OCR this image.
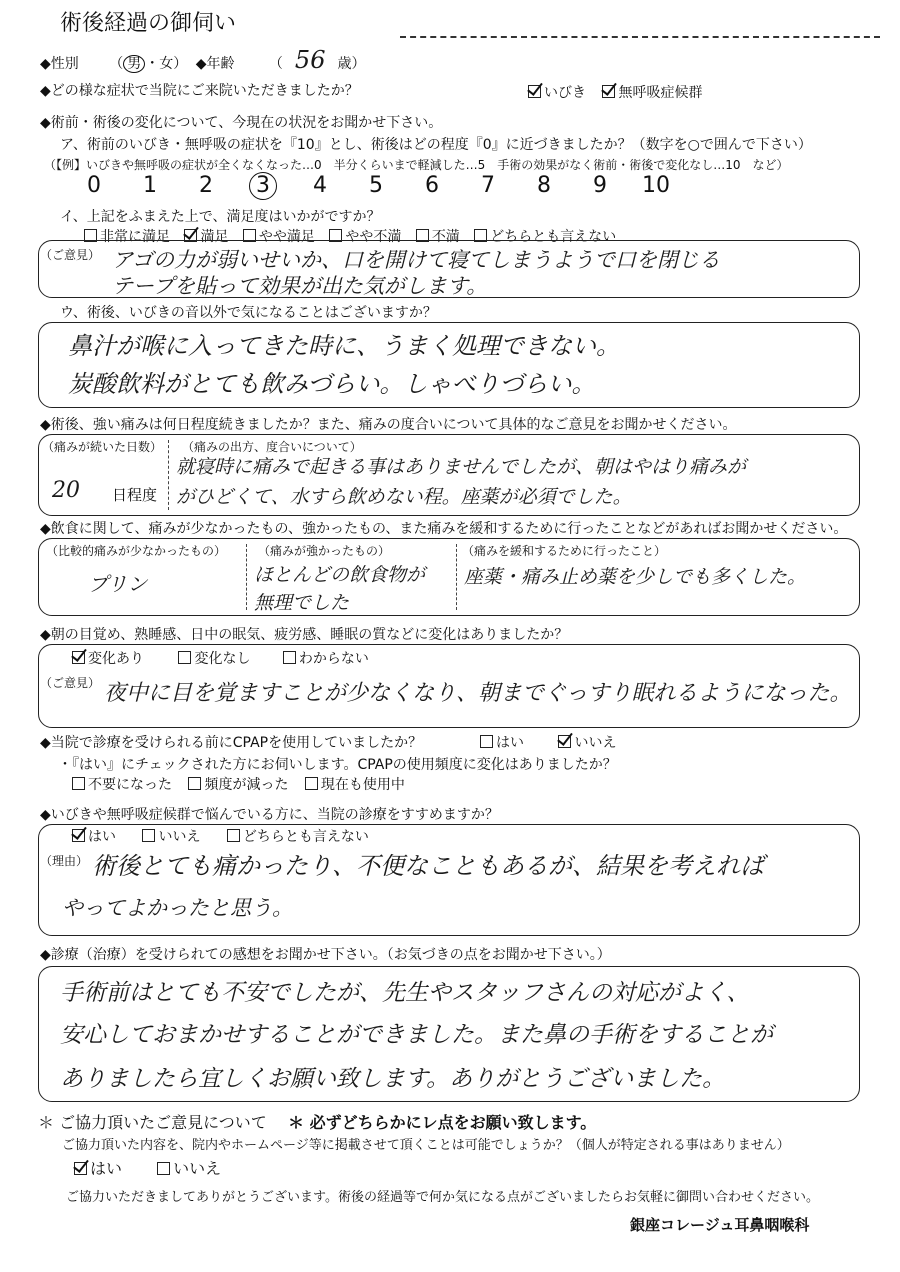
術後経過の御伺い
◆性別 （ 男 ・女） ◆年齢 （ 56 歳）
◆どの様な症状で当院にご来院いただきましたか？	いびき 無呼吸症候群
◆術前・術後の変化について、今現在の状況をお聞かせ下さい。
ア、術前のいびき・無呼吸の症状を『10』とし、術後はどの程度『0』に近づきましたか？（数字を○で囲んで下さい）
（【例】いびきや無呼吸の症状が全くなくなった…0　半分くらいまで軽減した…5　手術の効果がなく術前・術後で変化なし…10　など）
0 1 2 3 4 5 6 7 8 9 10
イ、上記をふまえた上で、満足度はいかがですか？
非常に満足 満足 やや満足 やや不満 不満 どちらとも言えない
（ご意見） アゴの力が弱いせいか、口を開けて寝てしまうようで口を閉じる
テープを貼って効果が出た気がします。
ウ、術後、いびきの音以外で気になることはございますか？
鼻汁が喉に入ってきた時に、うまく処理できない。
炭酸飲料がとても飲みづらい。しゃべりづらい。
◆術後、強い痛みは何日程度続きましたか？また、痛みの度合いについて具体的なご意見をお聞かせください。
（痛みが続いた日数）
20 日程度
（痛みの出方、度合いについて）
就寝時に痛みで起きる事はありませんでしたが、朝はやはり痛みが
がひどくて、水すら飲めない程。座薬が必須でした。
◆飲食に関して、痛みが少なかったもの、強かったもの、また痛みを緩和するために行ったことなどがあればお聞かせください。
（比較的痛みが少なかったもの）
プリン
（痛みが強かったもの）
ほとんどの飲食物が
無理でした
（痛みを緩和するために行ったこと）
座薬・痛み止め薬を少しでも多くした。
◆朝の目覚め、熟睡感、日中の眠気、疲労感、睡眠の質などに変化はありましたか？
変化あり	変化なし	わからない
（ご意見） 夜中に目を覚ますことが少なくなり、朝までぐっすり眠れるようになった。
◆当院で診療を受けられる前にCPAPを使用していましたか？	はい	いいえ
・『はい』にチェックされた方にお伺いします。CPAPの使用頻度に変化はありましたか？
不要になった 頻度が減った 現在も使用中
◆いびきや無呼吸症候群で悩んでいる方に、当院の診療をすすめますか？
はい	いいえ	どちらとも言えない
（理由） 術後とても痛かったり、不便なこともあるが、結果を考えれば
やってよかったと思う。
◆診療（治療）を受けられての感想をお聞かせ下さい。（お気づきの点をお聞かせ下さい。）
手術前はとても不安でしたが、先生やスタッフさんの対応がよく、
安心しておまかせすることができました。また鼻の手術をすることが
ありましたら宜しくお願い致します。ありがとうございました。
＊ ご協力頂いたご意見について ＊ 必ずどちらかにレ点をお願い致します。
ご協力頂いた内容を、院内やホームページ等に掲載させて頂くことは可能でしょうか？（個人が特定される事はありません）
はい	いいえ
ご協力いただきましてありがとうございます。術後の経過等で何か気になる点がございましたらお気軽に御問い合わせください。
銀座コレージュ耳鼻咽喉科
